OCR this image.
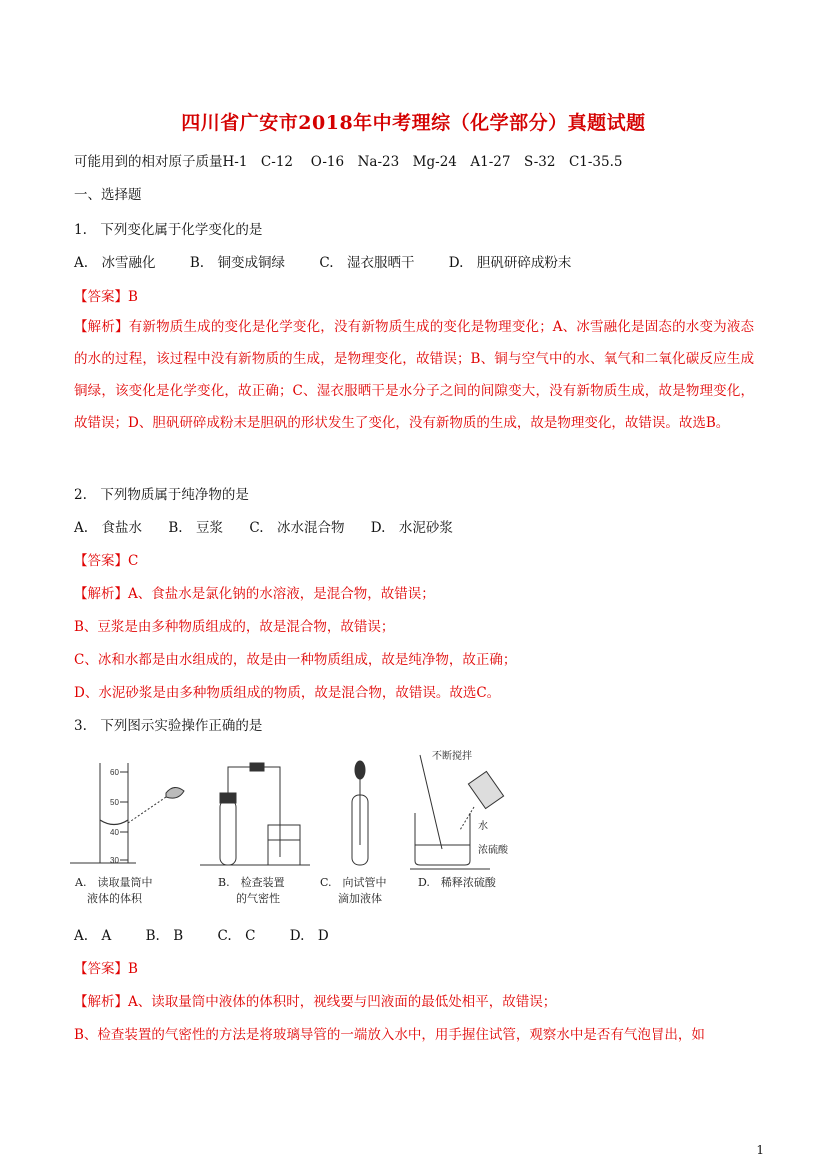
四川省广安市2018年中考理综（化学部分）真题试题
可能用到的相对原子质量H-1　C-12　 O-16　Na-23　Mg-24　A1-27　S-32　C1-35.5
一、选择题
1.　下列变化属于化学变化的是
A.　冰雪融化	B.　铜变成铜绿	C.　湿衣服晒干	D.　胆矾研碎成粉末
【答案】B
【解析】有新物质生成的变化是化学变化，没有新物质生成的变化是物理变化；A、冰雪融化是固态的水变为液态的水的过程，该过程中没有新物质的生成，是物理变化，故错误；B、铜与空气中的水、氧气和二氧化碳反应生成铜绿，该变化是化学变化，故正确；C、湿衣服晒干是水分子之间的间隙变大，没有新物质生成，故是物理变化，故错误；D、胆矾研碎成粉末是胆矾的形状发生了变化，没有新物质的生成，故是物理变化，故错误。故选B。
2.　下列物质属于纯净物的是
A.　食盐水 B.　豆浆 C.　冰水混合物 D.　水泥砂浆
【答案】C
【解析】A、食盐水是氯化钠的水溶液，是混合物，故错误；
B、豆浆是由多种物质组成的，故是混合物，故错误；
C、冰和水都是由水组成的，故是由一种物质组成，故是纯净物，故正确；
D、水泥砂浆是由多种物质组成的物质，故是混合物，故错误。故选C。
3.　下列图示实验操作正确的是
60
50
40
30
不断搅拌
水
浓硫酸
A.　读取量筒中
液体的体积
B.　检查装置
的气密性
C.　向试管中
滴加液体
D.　稀释浓硫酸
A.　A	B.　B	C.　C	D.　D
【答案】B
【解析】A、读取量筒中液体的体积时，视线要与凹液面的最低处相平，故错误；
B、检查装置的气密性的方法是将玻璃导管的一端放入水中，用手握住试管，观察水中是否有气泡冒出，如
1
